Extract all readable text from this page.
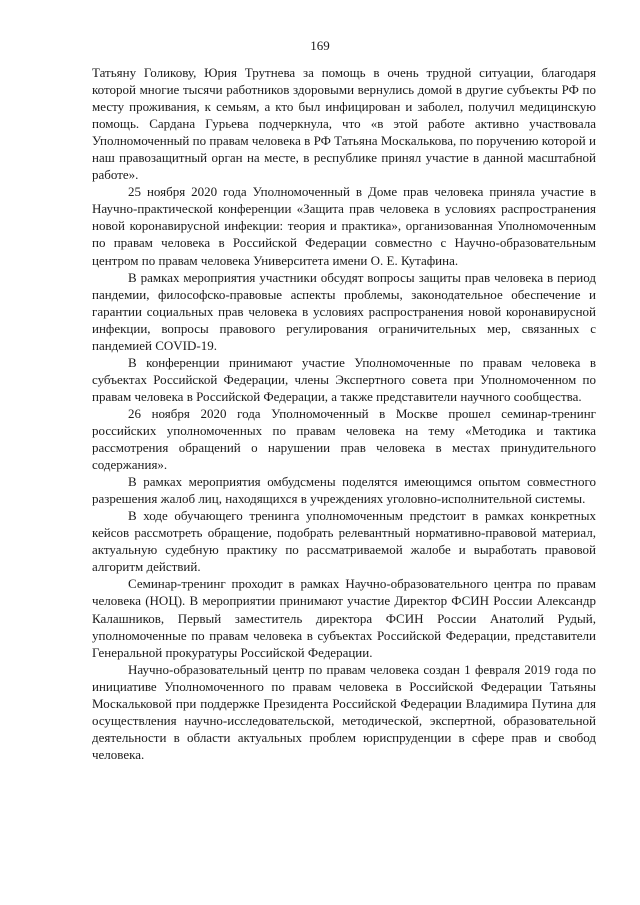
169

Татьяну Голикову, Юрия Трутнева за помощь в очень трудной ситуации, благодаря которой многие тысячи работников здоровыми вернулись домой в другие субъекты РФ по месту проживания, к семьям, а кто был инфицирован и заболел, получил медицинскую помощь. Сардана Гурьева подчеркнула, что «в этой работе активно участвовала Уполномоченный по правам человека в РФ Татьяна Москалькова, по поручению которой и наш правозащитный орган на месте, в республике принял участие в данной масштабной работе».

25 ноября 2020 года Уполномоченный в Доме прав человека приняла участие в Научно-практической конференции «Защита прав человека в условиях распространения новой коронавирусной инфекции: теория и практика», организованная Уполномоченным по правам человека в Российской Федерации совместно с Научно-образовательным центром по правам человека Университета имени О. Е. Кутафина.

В рамках мероприятия участники обсудят вопросы защиты прав человека в период пандемии, философско-правовые аспекты проблемы, законодательное обеспечение и гарантии социальных прав человека в условиях распространения новой коронавирусной инфекции, вопросы правового регулирования ограничительных мер, связанных с пандемией COVID-19.

В конференции принимают участие Уполномоченные по правам человека в субъектах Российской Федерации, члены Экспертного совета при Уполномоченном по правам человека в Российской Федерации, а также представители научного сообщества.

26 ноября 2020 года Уполномоченный в Москве прошел семинар-тренинг российских уполномоченных по правам человека на тему «Методика и тактика рассмотрения обращений о нарушении прав человека в местах принудительного содержания».

В рамках мероприятия омбудсмены поделятся имеющимся опытом совместного разрешения жалоб лиц, находящихся в учреждениях уголовно-исполнительной системы.

В ходе обучающего тренинга уполномоченным предстоит в рамках конкретных кейсов рассмотреть обращение, подобрать релевантный нормативно-правовой материал, актуальную судебную практику по рассматриваемой жалобе и выработать правовой алгоритм действий.

Семинар-тренинг проходит в рамках Научно-образовательного центра по правам человека (НОЦ). В мероприятии принимают участие Директор ФСИН России Александр Калашников, Первый заместитель директора ФСИН России Анатолий Рудый, уполномоченные по правам человека в субъектах Российской Федерации, представители Генеральной прокуратуры Российской Федерации.

Научно-образовательный центр по правам человека создан 1 февраля 2019 года по инициативе Уполномоченного по правам человека в Российской Федерации Татьяны Москальковой при поддержке Президента Российской Федерации Владимира Путина для осуществления научно-исследовательской, методической, экспертной, образовательной деятельности в области актуальных проблем юриспруденции в сфере прав и свобод человека.
